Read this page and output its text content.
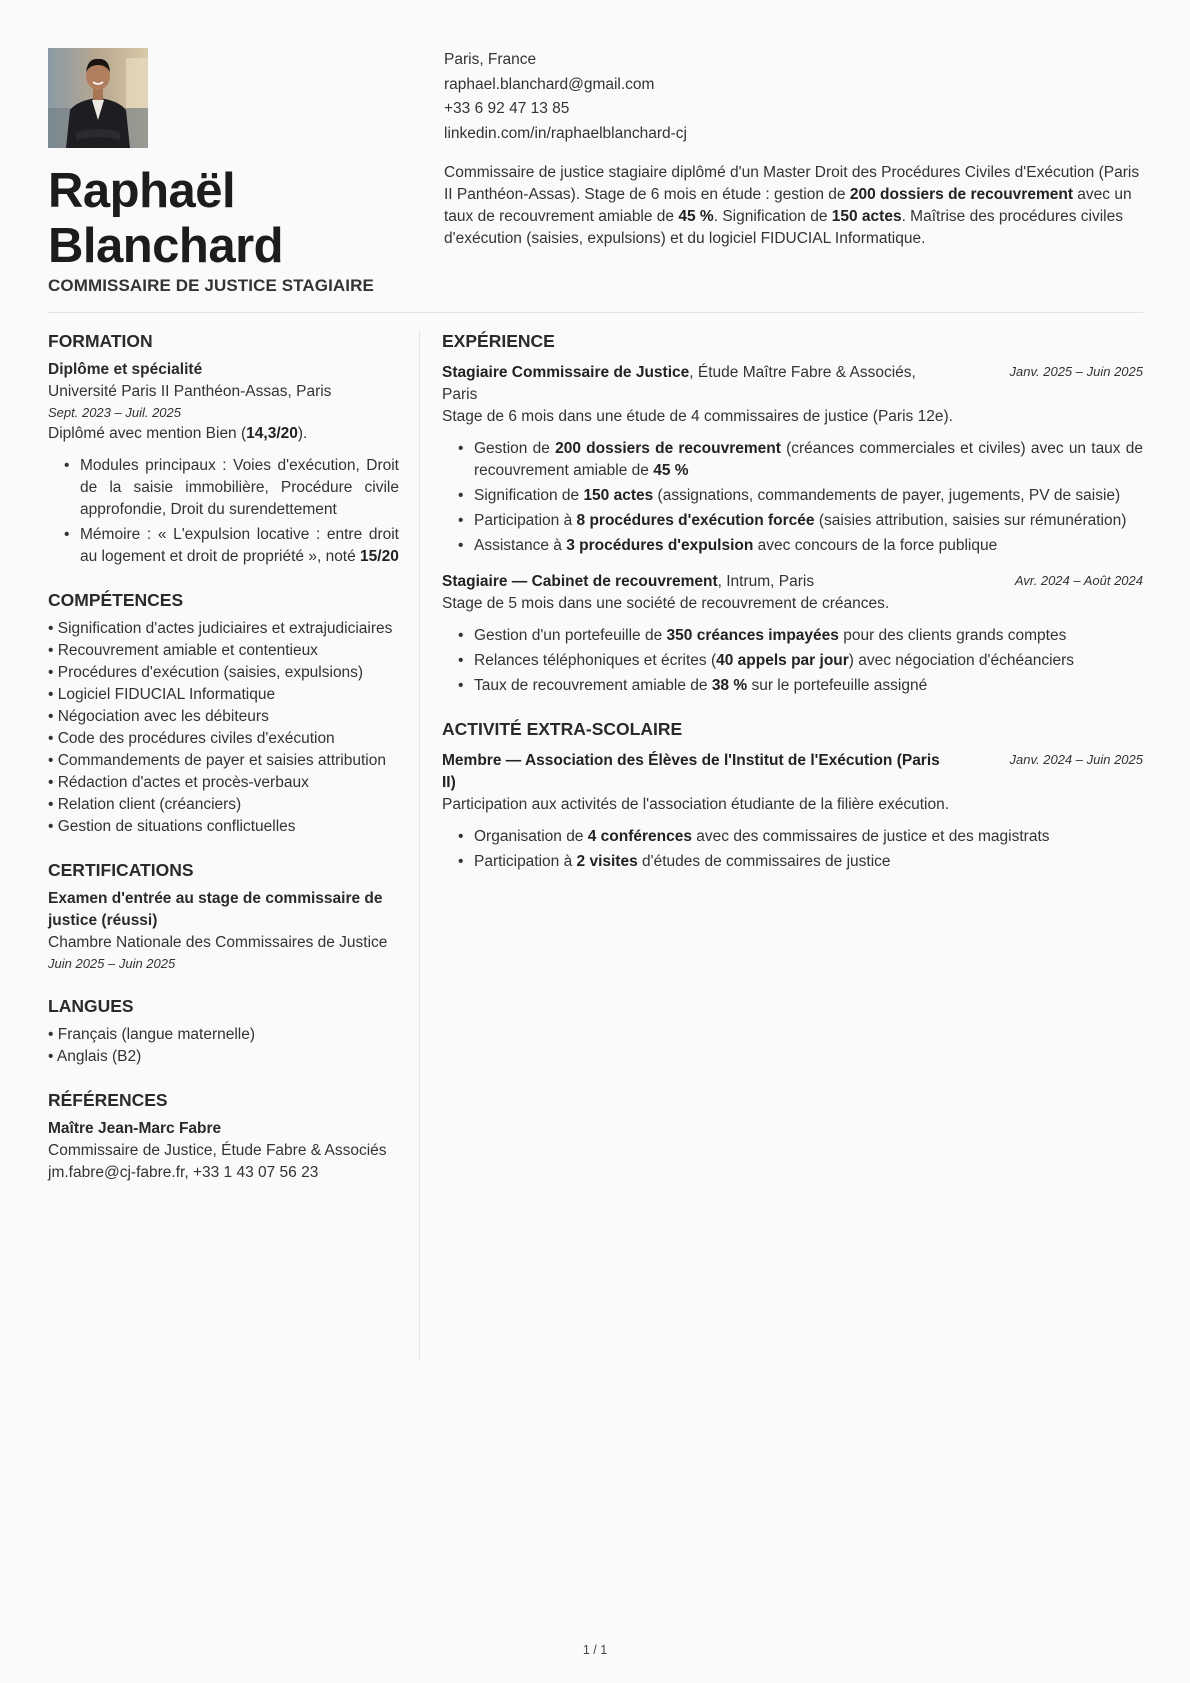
Raphaël
Blanchard
COMMISSAIRE DE JUSTICE STAGIAIRE
Paris, France
raphael.blanchard@gmail.com
+33 6 92 47 13 85
linkedin.com/in/raphaelblanchard-cj
Commissaire de justice stagiaire diplômé d'un Master Droit des Procédures Civiles d'Exécution (Paris II Panthéon-Assas). Stage de 6 mois en étude : gestion de 200 dossiers de recouvrement avec un taux de recouvrement amiable de 45 %. Signification de 150 actes. Maîtrise des procédures civiles d'exécution (saisies, expulsions) et du logiciel FIDUCIAL Informatique.
FORMATION
Diplôme et spécialité
Université Paris II Panthéon-Assas, Paris
Sept. 2023 – Juil. 2025
Diplômé avec mention Bien (14,3/20).
• Modules principaux : Voies d'exécution, Droit de la saisie immobilière, Procédure civile approfondie, Droit du surendettement
• Mémoire : « L'expulsion locative : entre droit au logement et droit de propriété », noté 15/20
COMPÉTENCES
• Signification d'actes judiciaires et extrajudiciaires
• Recouvrement amiable et contentieux
• Procédures d'exécution (saisies, expulsions)
• Logiciel FIDUCIAL Informatique
• Négociation avec les débiteurs
• Code des procédures civiles d'exécution
• Commandements de payer et saisies attribution
• Rédaction d'actes et procès-verbaux
• Relation client (créanciers)
• Gestion de situations conflictuelles
CERTIFICATIONS
Examen d'entrée au stage de commissaire de justice (réussi)
Chambre Nationale des Commissaires de Justice
Juin 2025 – Juin 2025
LANGUES
• Français (langue maternelle)
• Anglais (B2)
RÉFÉRENCES
Maître Jean-Marc Fabre
Commissaire de Justice, Étude Fabre & Associés
jm.fabre@cj-fabre.fr, +33 1 43 07 56 23
EXPÉRIENCE
Stagiaire Commissaire de Justice, Étude Maître Fabre & Associés, Paris
Janv. 2025 – Juin 2025
Stage de 6 mois dans une étude de 4 commissaires de justice (Paris 12e).
• Gestion de 200 dossiers de recouvrement (créances commerciales et civiles) avec un taux de recouvrement amiable de 45 %
• Signification de 150 actes (assignations, commandements de payer, jugements, PV de saisie)
• Participation à 8 procédures d'exécution forcée (saisies attribution, saisies sur rémunération)
• Assistance à 3 procédures d'expulsion avec concours de la force publique
Stagiaire — Cabinet de recouvrement, Intrum, Paris	Avr. 2024 – Août 2024
Stage de 5 mois dans une société de recouvrement de créances.
• Gestion d'un portefeuille de 350 créances impayées pour des clients grands comptes
• Relances téléphoniques et écrites (40 appels par jour) avec négociation d'échéanciers
• Taux de recouvrement amiable de 38 % sur le portefeuille assigné
ACTIVITÉ EXTRA-SCOLAIRE
Membre — Association des Élèves de l'Institut de l'Exécution (Paris II)
Janv. 2024 – Juin 2025
Participation aux activités de l'association étudiante de la filière exécution.
• Organisation de 4 conférences avec des commissaires de justice et des magistrats
• Participation à 2 visites d'études de commissaires de justice
1 / 1
